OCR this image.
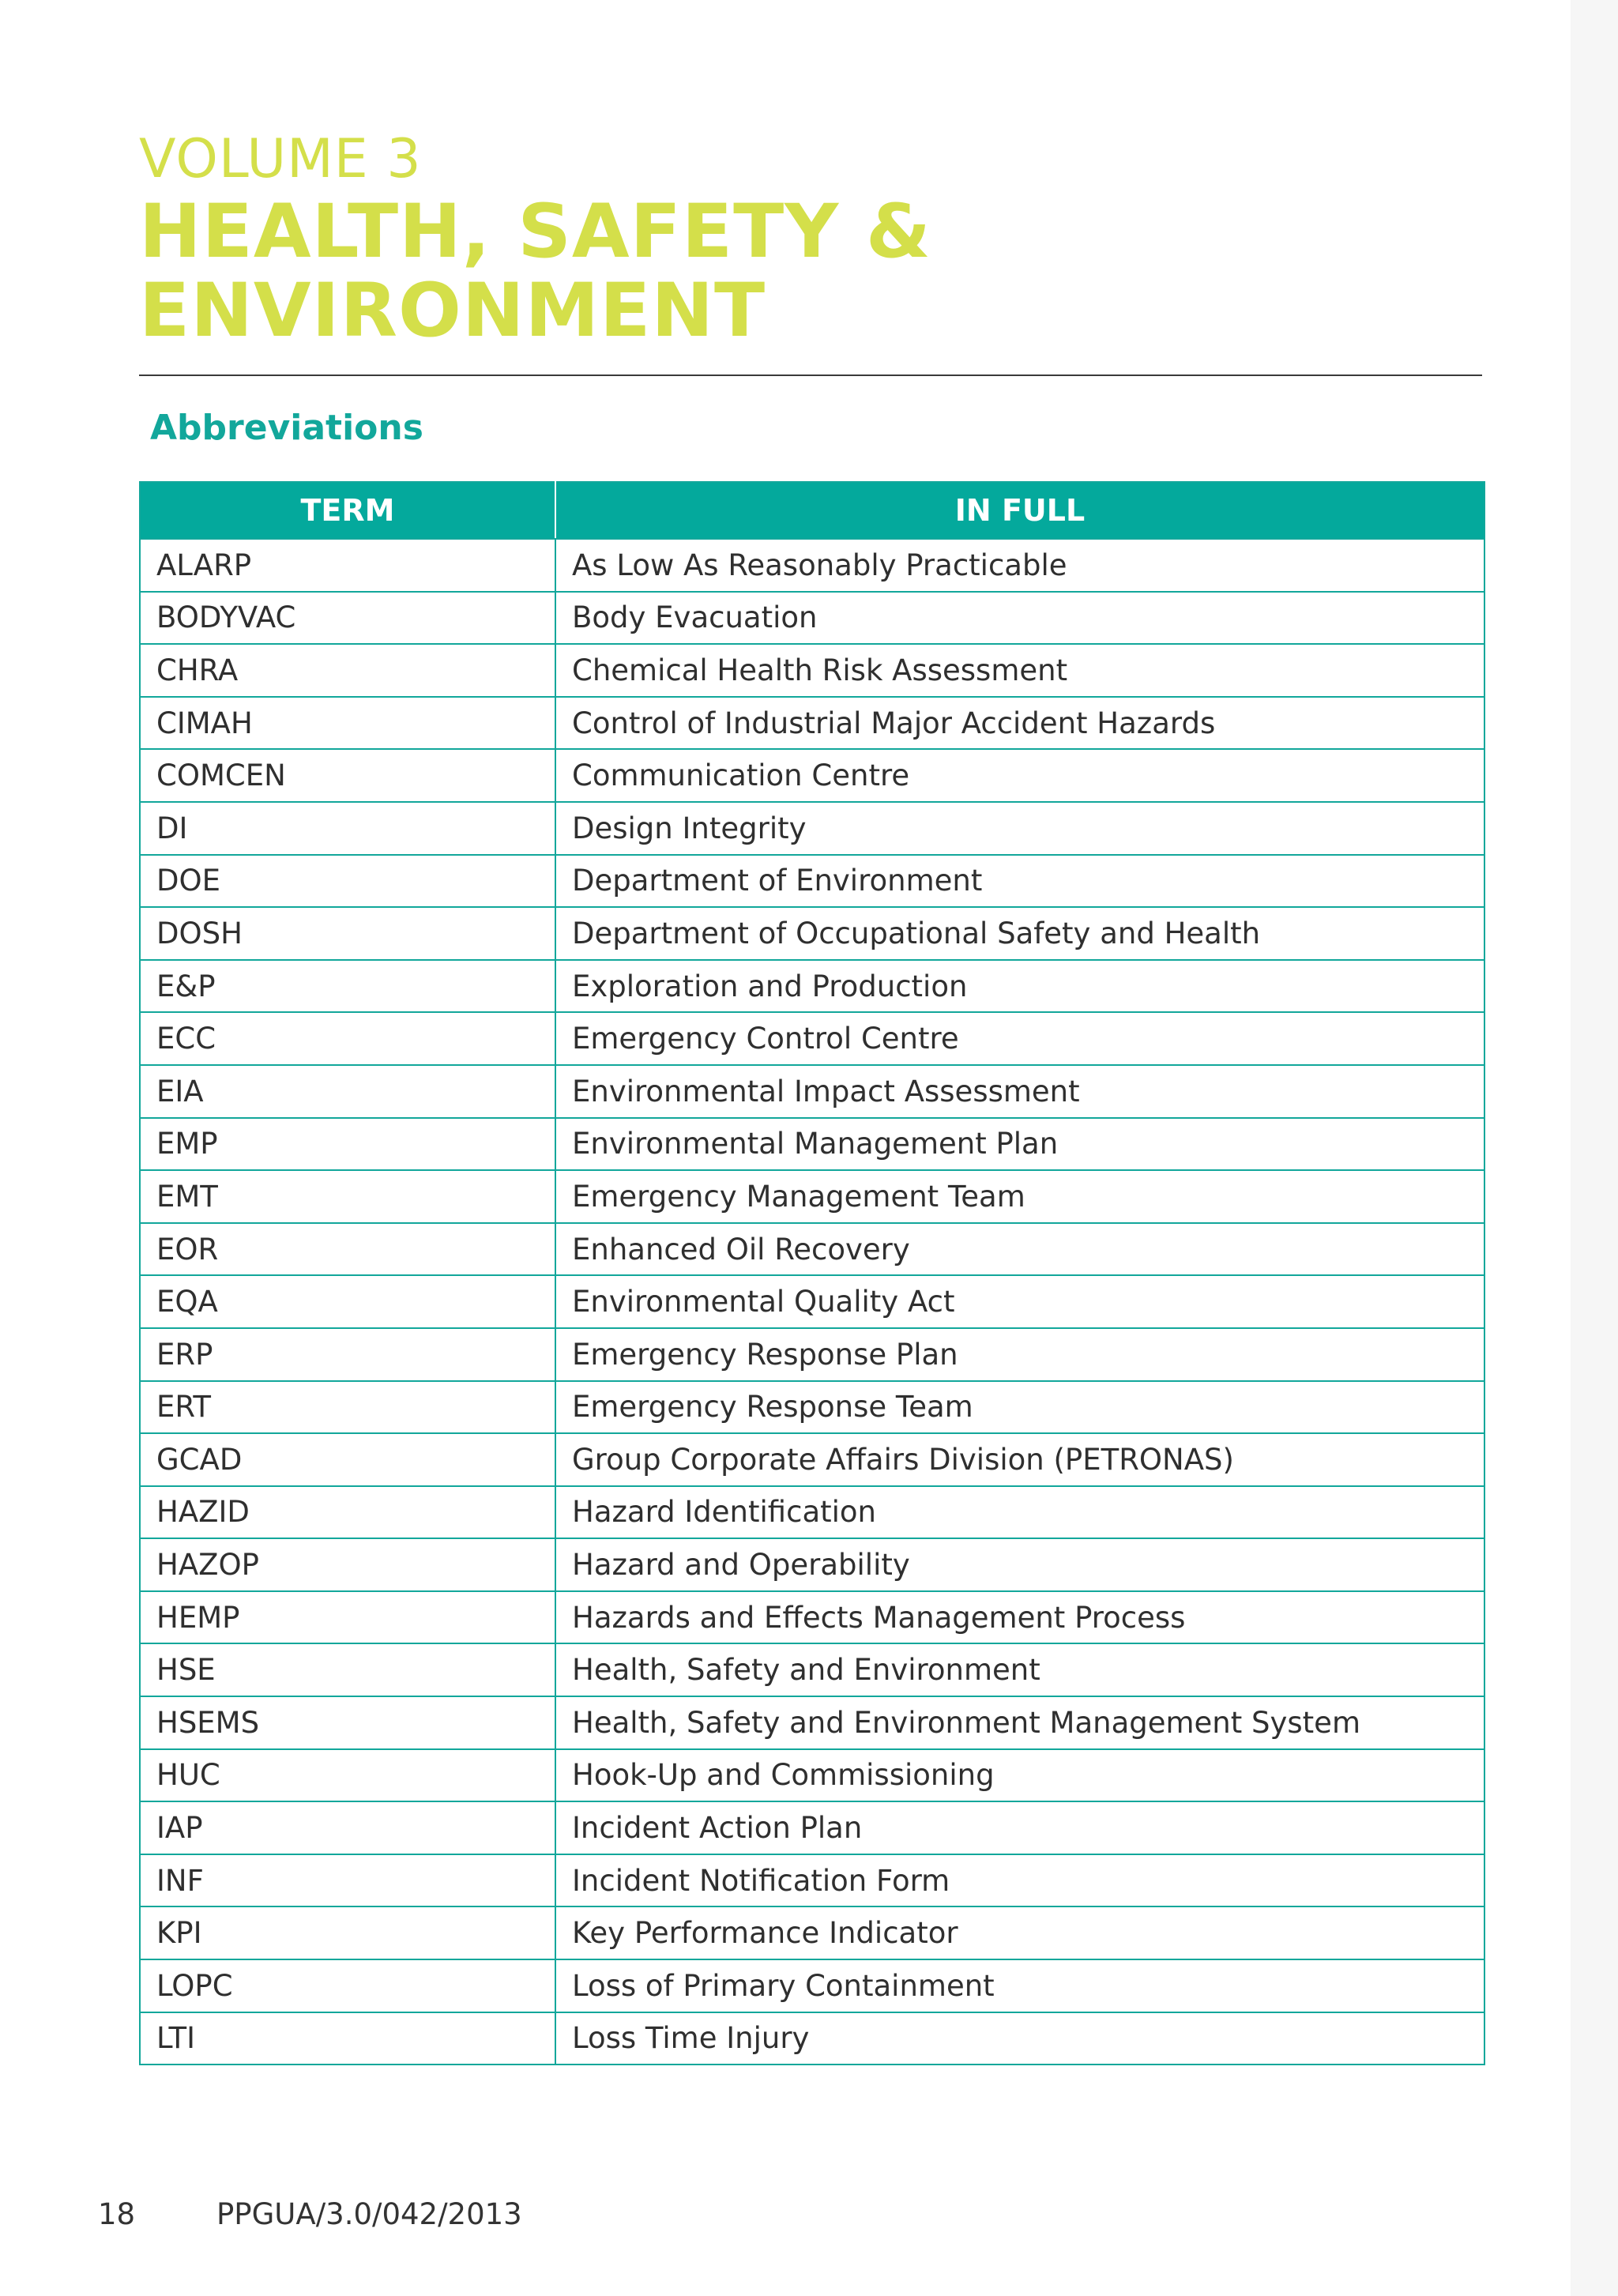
VOLUME 3
HEALTH, SAFETY &
ENVIRONMENT
Abbreviations
TERM	IN FULL
ALARP	As Low As Reasonably Practicable
BODYVAC	Body Evacuation
CHRA	Chemical Health Risk Assessment
CIMAH	Control of Industrial Major Accident Hazards
COMCEN	Communication Centre
DI	Design Integrity
DOE	Department of Environment
DOSH	Department of Occupational Safety and Health
E&P	Exploration and Production
ECC	Emergency Control Centre
EIA	Environmental Impact Assessment
EMP	Environmental Management Plan
EMT	Emergency Management Team
EOR	Enhanced Oil Recovery
EQA	Environmental Quality Act
ERP	Emergency Response Plan
ERT	Emergency Response Team
GCAD	Group Corporate Affairs Division (PETRONAS)
HAZID	Hazard Identification
HAZOP	Hazard and Operability
HEMP	Hazards and Effects Management Process
HSE	Health, Safety and Environment
HSEMS	Health, Safety and Environment Management System
HUC	Hook-Up and Commissioning
IAP	Incident Action Plan
INF	Incident Notification Form
KPI	Key Performance Indicator
LOPC	Loss of Primary Containment
LTI	Loss Time Injury
18	PPGUA/3.0/042/2013
